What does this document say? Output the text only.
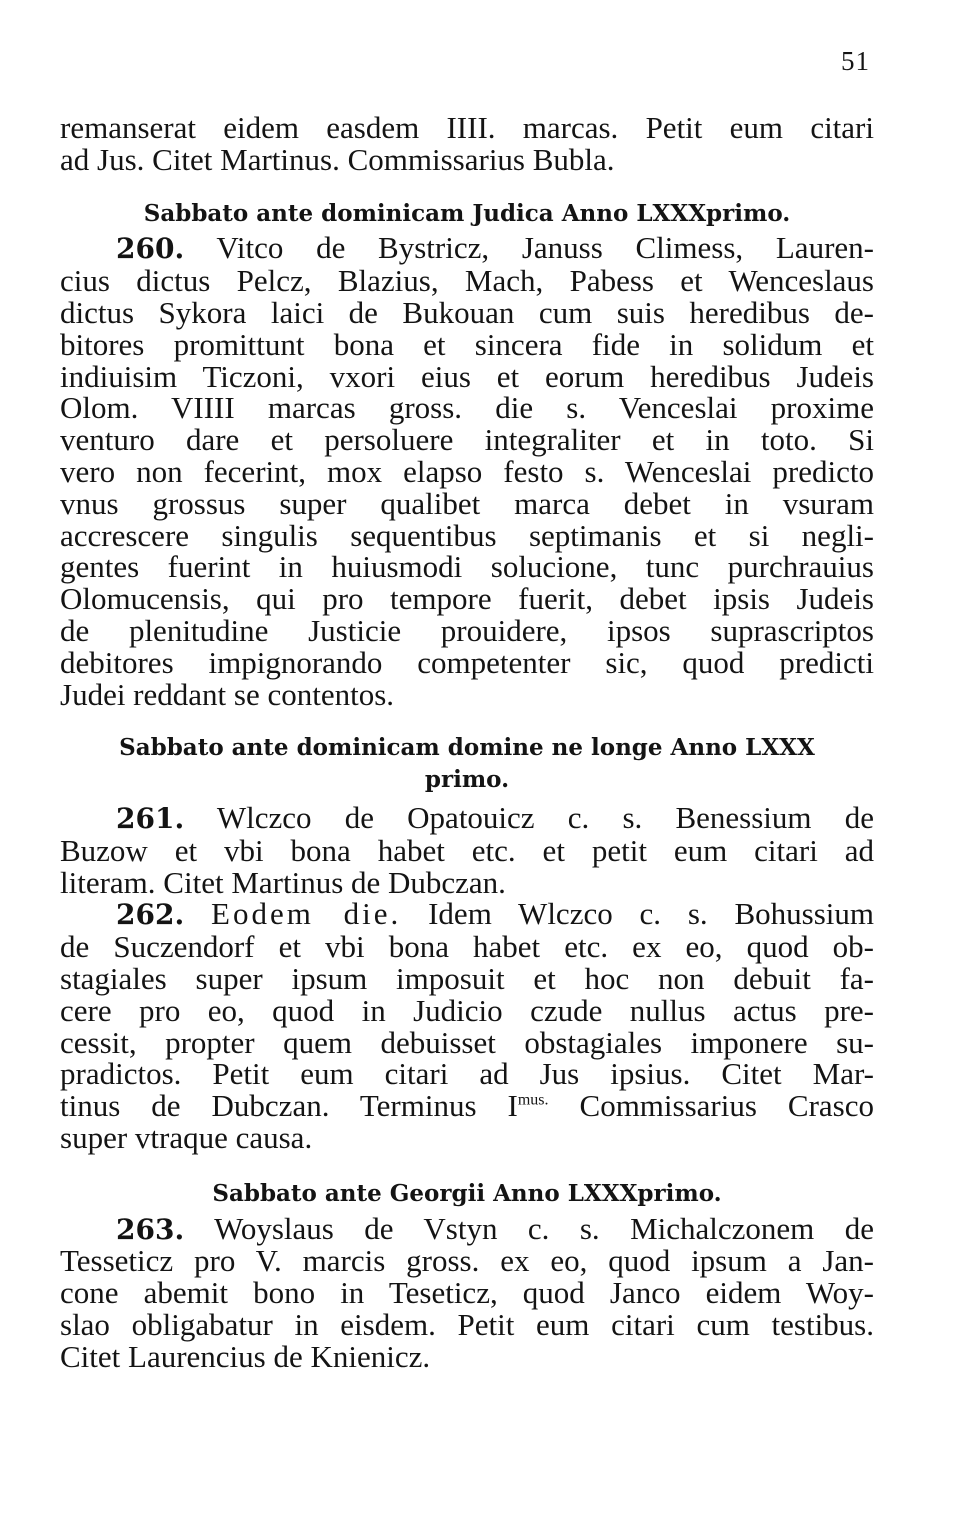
51
remanserat eidem easdem IIII. marcas. Petit eum citari
ad Jus. Citet Martinus. Commissarius Bubla.
Sabbato ante dominicam Judica Anno LXXXprimo.
260. Vitco de Bystricz, Januss Climess, Lauren-
cius dictus Pelcz, Blazius, Mach, Pabess et Wenceslaus
dictus Sykora laici de Bukouan cum suis heredibus de-
bitores promittunt bona et sincera fide in solidum et
indiuisim Ticzoni, vxori eius et eorum heredibus Judeis
Olom. VIIII marcas gross. die s. Venceslai proxime
venturo dare et persoluere integraliter et in toto. Si
vero non fecerint, mox elapso festo s. Wenceslai predicto
vnus grossus super qualibet marca debet in vsuram
accrescere singulis sequentibus septimanis et si negli-
gentes fuerint in huiusmodi solucione, tunc purchrauius
Olomucensis, qui pro tempore fuerit, debet ipsis Judeis
de plenitudine Justicie prouidere, ipsos suprascriptos
debitores impignorando competenter sic, quod predicti
Judei reddant se contentos.
Sabbato ante dominicam domine ne longe Anno LXXX
primo.
261. Wlczco de Opatouicz c. s. Benessium de
Buzow et vbi bona habet etc. et petit eum citari ad
literam. Citet Martinus de Dubczan.
262. Eodem die. Idem Wlczco c. s. Bohussium
de Suczendorf et vbi bona habet etc. ex eo, quod ob-
stagiales super ipsum imposuit et hoc non debuit fa-
cere pro eo, quod in Judicio czude nullus actus pre-
cessit, propter quem debuisset obstagiales imponere su-
pradictos. Petit eum citari ad Jus ipsius. Citet Mar-
tinus de Dubczan. Terminus $I^{mus.}$ Commissarius Crasco
super vtraque causa.
Sabbato ante Georgii Anno LXXXprimo.
263. Woyslaus de Vstyn c. s. Michalczonem de
Tesseticz pro V. marcis gross. ex eo, quod ipsum a Jan-
cone abemit bono in Teseticz, quod Janco eidem Woy-
slao obligabatur in eisdem. Petit eum citari cum testibus.
Citet Laurencius de Knienicz.
